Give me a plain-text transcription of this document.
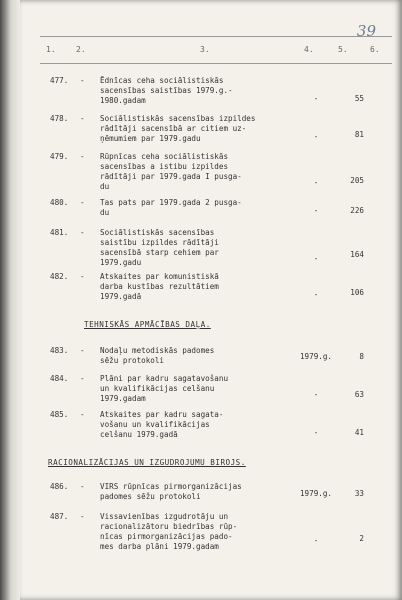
39
1.	2.	3.	4.	5.	6.
477. - Ēdnīcas ceha sociālistiskās
sacensības saistības 1979.g.-
1980.gadam	-	55
478. - Sociālistiskās sacensības izpildes
rādītāji sacensībā ar citiem uz-
ņēmumiem par 1979.gadu	-	81
479. - Rūpnīcas ceha sociālistiskās
sacensības a istibu izpildes
rādītāji par 1979.gada I pusga-
du	-	205
480. - Tas pats par 1979.gada 2 pusga-
du	-	226
481. - Sociālistiskās sacensības
saistību izpildes rādītāji
sacensībā starp cehiem par
1979.gadu	-	164
482. - Atskaites par komunistiskā
darba kustības rezultātiem
1979.gadā	-	106
TEHNISKĀS APMĀCĪBAS DAĻA.
483. - Nodaļu metodiskās padomes
sēžu protokoli	1979.g.	8
484. - Plāni par kadru sagatavošanu
un kvalifikācijas celšanu
1979.gadam	-	63
485. - Atskaites par kadru sagata-
vošanu un kvalifikācijas
celšanu 1979.gadā	-	41
RACIONALIZĀCIJAS UN IZGUDROJUMU BIROJS.
486. - VIRS rūpnīcas pirmorganizācijas
padomes sēžu protokoli	1979.g.	33
487. - Vissavienības izgudrotāju un
racionalizātoru biedrības rūp-
nīcas pirmorganizācijas pado-
mes darba plāni 1979.gadam
-	2
